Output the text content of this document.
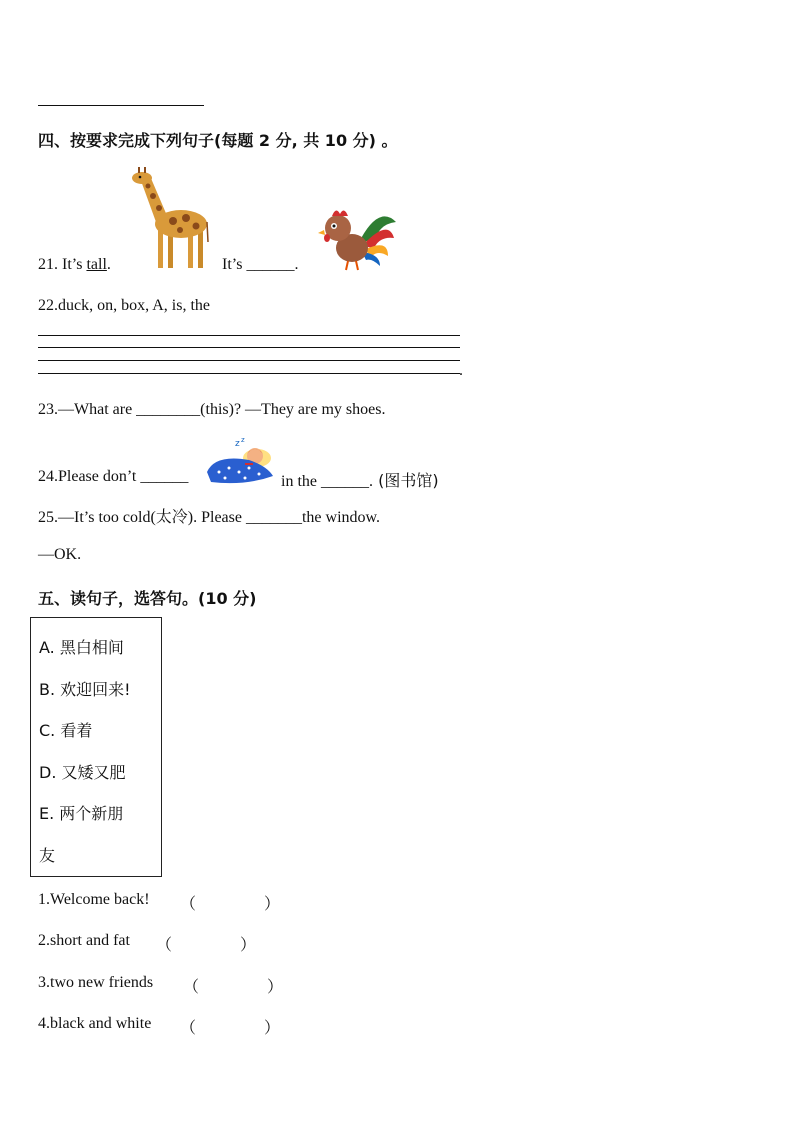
四、按要求完成下列句子(每题 2 分, 共 10 分) 。
21. It’s tall.	It’s ______.
22.duck, on, box, A, is, the
.
23.—What are ________(this)? —They are my shoes.
z z
24.Please don’t ______	in the ______. (图书馆)
25.—It’s too cold(太冷). Please _______the window.
—OK.
五、读句子，选答句。(10 分)
A. 黑白相间
B. 欢迎回来!
C. 看着
D. 又矮又肥
E. 两个新朋
友
1.Welcome back! （	）
2.short and fat （	）
3.two new friends （	）
4.black and white （	）
